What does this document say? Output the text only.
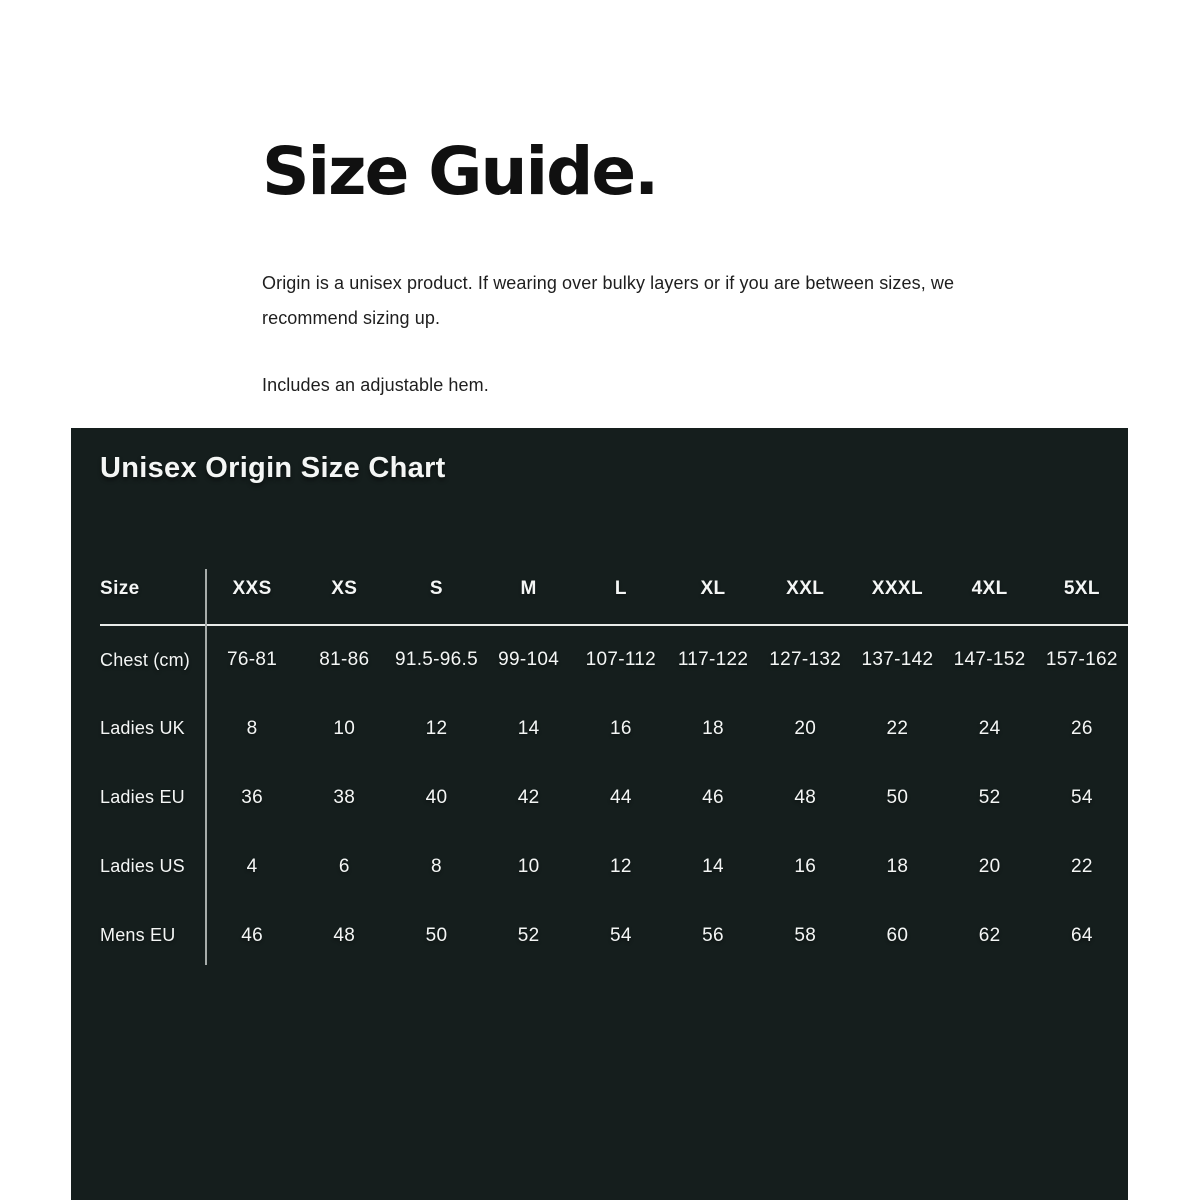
Size Guide.

Origin is a unisex product. If wearing over bulky layers or if you are between sizes, we recommend sizing up.

Includes an adjustable hem.

Unisex Origin Size Chart
Size	XXS	XS	S	M	L	XL	XXL	XXXL	4XL	5XL
Chest (cm)	76-81	81-86	91.5-96.5	99-104	107-112	117-122	127-132	137-142	147-152	157-162
Ladies UK	8	10	12	14	16	18	20	22	24	26
Ladies EU	36	38	40	42	44	46	48	50	52	54
Ladies US	4	6	8	10	12	14	16	18	20	22
Mens EU	46	48	50	52	54	56	58	60	62	64
